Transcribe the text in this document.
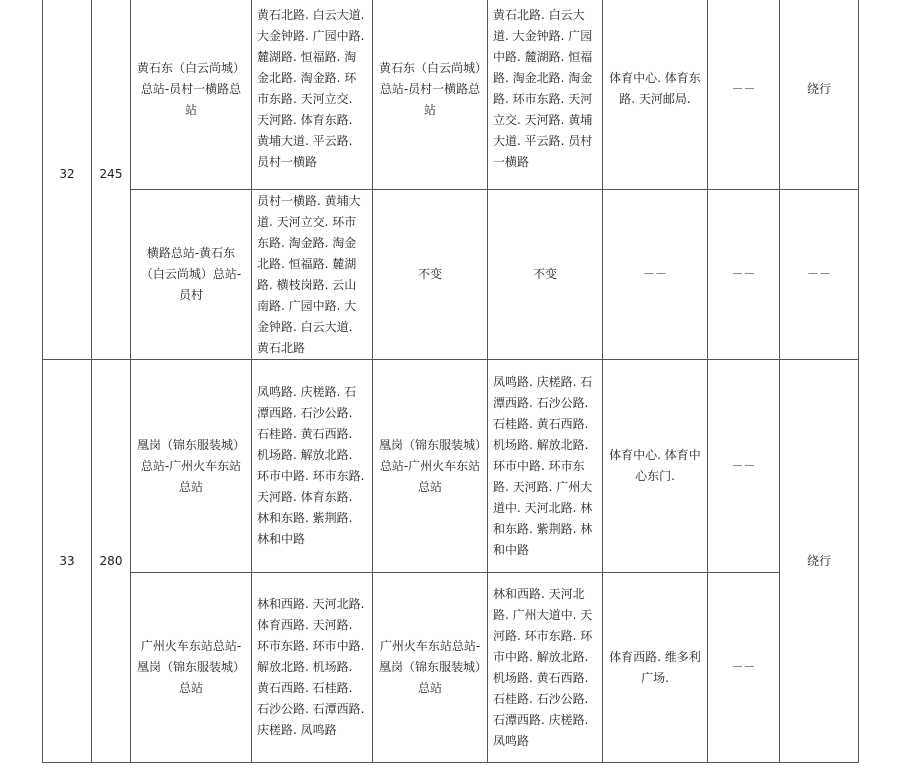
32	245	黄石东（白云尚城）总站-员村一横路总站	黄石北路. 白云大道. 大金钟路. 广园中路. 麓湖路. 恒福路. 淘金北路. 淘金路. 环市东路. 天河立交. 天河路. 体育东路. 黄埔大道. 平云路. 员村一横路	黄石东（白云尚城）总站-员村一横路总站	黄石北路. 白云大道. 大金钟路. 广园中路. 麓湖路. 恒福路. 淘金北路. 淘金路. 环市东路. 天河立交. 天河路. 黄埔大道. 平云路. 员村一横路	体育中心. 体育东路. 天河邮局.	－－	绕行
		横路总站-黄石东（白云尚城）总站-员村	员村一横路. 黄埔大道. 天河立交. 环市东路. 淘金路. 淘金北路. 恒福路. 麓湖路. 横枝岗路. 云山南路. 广园中路. 大金钟路. 白云大道. 黄石北路	不变	不变	－－	－－	－－
33	280	凰岗（锦东服装城）总站-广州火车东站总站	凤鸣路. 庆槎路. 石潭西路. 石沙公路. 石桂路. 黄石西路. 机场路. 解放北路. 环市中路. 环市东路. 天河路. 体育东路. 林和东路. 紫荆路. 林和中路	凰岗（锦东服装城）总站-广州火车东站总站	凤鸣路. 庆槎路. 石潭西路. 石沙公路. 石桂路. 黄石西路. 机场路. 解放北路. 环市中路. 环市东路. 天河路. 广州大道中. 天河北路. 林和东路. 紫荆路. 林和中路	体育中心. 体育中心东门.	－－	绕行
		广州火车东站总站-凰岗（锦东服装城）总站	林和西路. 天河北路. 体育西路. 天河路. 环市东路. 环市中路. 解放北路. 机场路. 黄石西路. 石桂路. 石沙公路. 石潭西路. 庆槎路. 凤鸣路	广州火车东站总站-凰岗（锦东服装城）总站	林和西路. 天河北路. 广州大道中. 天河路. 环市东路. 环市中路. 解放北路. 机场路. 黄石西路. 石桂路. 石沙公路. 石潭西路. 庆槎路. 凤鸣路	体育西路. 维多利广场.	－－	
